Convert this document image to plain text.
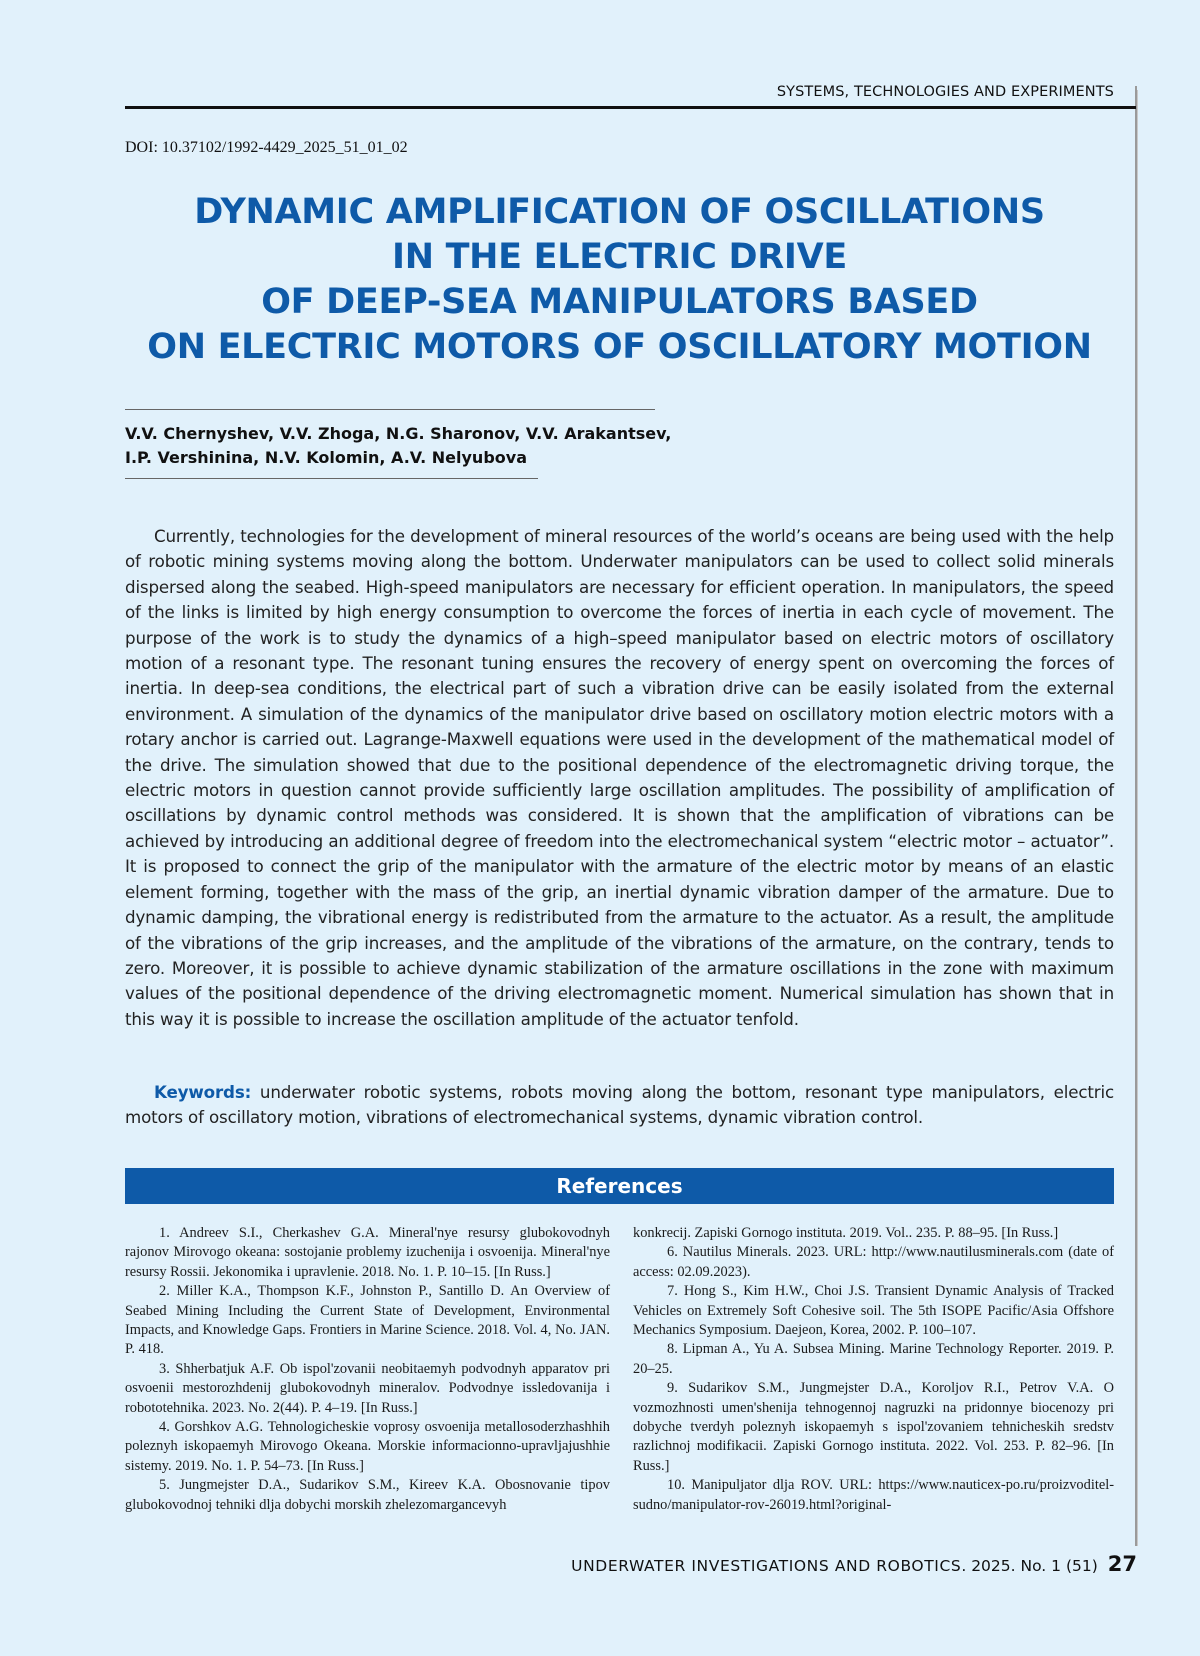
SYSTEMS, TECHNOLOGIES AND EXPERIMENTS
DOI: 10.37102/1992-4429_2025_51_01_02
DYNAMIC AMPLIFICATION OF OSCILLATIONS
IN THE ELECTRIC DRIVE
OF DEEP-SEA MANIPULATORS BASED
ON ELECTRIC MOTORS OF OSCILLATORY MOTION
V.V. Chernyshev, V.V. Zhoga, N.G. Sharonov, V.V. Arakantsev,
I.P. Vershinina, N.V. Kolomin, A.V. Nelyubova

Currently, technologies for the development of mineral resources of the world’s oceans are being used with the help of robotic mining systems moving along the bottom. Underwater manipulators can be used to collect solid minerals dispersed along the seabed. High-speed manipulators are necessary for efficient operation. In manipulators, the speed of the links is limited by high energy consumption to overcome the forces of inertia in each cycle of movement. The purpose of the work is to study the dynamics of a high–speed manipulator based on electric motors of oscillatory motion of a resonant type. The resonant tuning ensures the recovery of energy spent on overcoming the forces of inertia. In deep-sea conditions, the electrical part of such a vibration drive can be easily isolated from the external environment. A simulation of the dynamics of the manipulator drive based on oscillatory motion electric motors with a rotary anchor is carried out. Lagrange-Maxwell equations were used in the development of the mathematical model of the drive. The simulation showed that due to the positional dependence of the electromagnetic driving torque, the electric motors in question cannot provide sufficiently large oscillation amplitudes. The possibility of amplification of oscillations by dynamic control methods was considered. It is shown that the amplification of vibrations can be achieved by introducing an additional degree of freedom into the electromechanical system “electric motor – actuator”. It is proposed to connect the grip of the manipulator with the armature of the electric motor by means of an elastic element forming, together with the mass of the grip, an inertial dynamic vibration damper of the armature. Due to dynamic damping, the vibrational energy is redistributed from the armature to the actuator. As a result, the amplitude of the vibrations of the grip increases, and the amplitude of the vibrations of the armature, on the contrary, tends to zero. Moreover, it is possible to achieve dynamic stabilization of the armature oscillations in the zone with maximum values of the positional dependence of the driving electromagnetic moment. Numerical simulation has shown that in this way it is possible to increase the oscillation amplitude of the actuator tenfold.

Keywords: underwater robotic systems, robots moving along the bottom, resonant type manipulators, electric motors of oscillatory motion, vibrations of electromechanical systems, dynamic vibration control.

References

1. Andreev S.I., Cherkashev G.A. Mineral'nye resursy glubokovodnyh rajonov Mirovogo okeana: sostojanie problemy izuchenija i osvoenija. Mineral'nye resursy Rossii. Jekonomika i upravlenie. 2018. No. 1. P. 10–15. [In Russ.]

2. Miller K.A., Thompson K.F., Johnston P., Santillo D. An Overview of Seabed Mining Including the Current State of Development, Environmental Impacts, and Knowledge Gaps. Frontiers in Marine Science. 2018. Vol. 4, No. JAN. P. 418.

3. Shherbatjuk A.F. Ob ispol'zovanii neobitaemyh podvodnyh apparatov pri osvoenii mestorozhdenij glubokovodnyh mineralov. Podvodnye issledovanija i robototehnika. 2023. No. 2(44). P. 4–19. [In Russ.]

4. Gorshkov A.G. Tehnologicheskie voprosy osvoenija metallosoderzhashhih poleznyh iskopaemyh Mirovogo Okeana. Morskie informacionno-upravljajushhie sistemy. 2019. No. 1. P. 54–73. [In Russ.]

5. Jungmejster D.A., Sudarikov S.M., Kireev K.A. Obosnovanie tipov glubokovodnoj tehniki dlja dobychi morskih zhelezomargancevyh

konkrecij. Zapiski Gornogo instituta. 2019. Vol.. 235. P. 88–95. [In Russ.]

6. Nautilus Minerals. 2023. URL: http://www.nautilusminerals.com (date of access: 02.09.2023).

7. Hong S., Kim H.W., Choi J.S. Transient Dynamic Analysis of Tracked Vehicles on Extremely Soft Cohesive soil. The 5th ISOPE Pacific/Asia Offshore Mechanics Symposium. Daejeon, Korea, 2002. P. 100–107.

8. Lipman A., Yu A. Subsea Mining. Marine Technology Reporter. 2019. P. 20–25.

9. Sudarikov S.M., Jungmejster D.A., Koroljov R.I., Petrov V.A. O vozmozhnosti umen'shenija tehnogennoj nagruzki na pridonnye biocenozy pri dobyche tverdyh poleznyh iskopaemyh s ispol'zovaniem tehnicheskih sredstv razlichnoj modifikacii. Zapiski Gornogo instituta. 2022. Vol. 253. P. 82–96. [In Russ.]

10. Manipuljator dlja ROV. URL: https://www.nauticex-po.ru/proizvoditel-sudno/manipulator-rov-26019.html?original-

UNDERWATER INVESTIGATIONS AND ROBOTICS. 2025. No. 1 (51) 27
